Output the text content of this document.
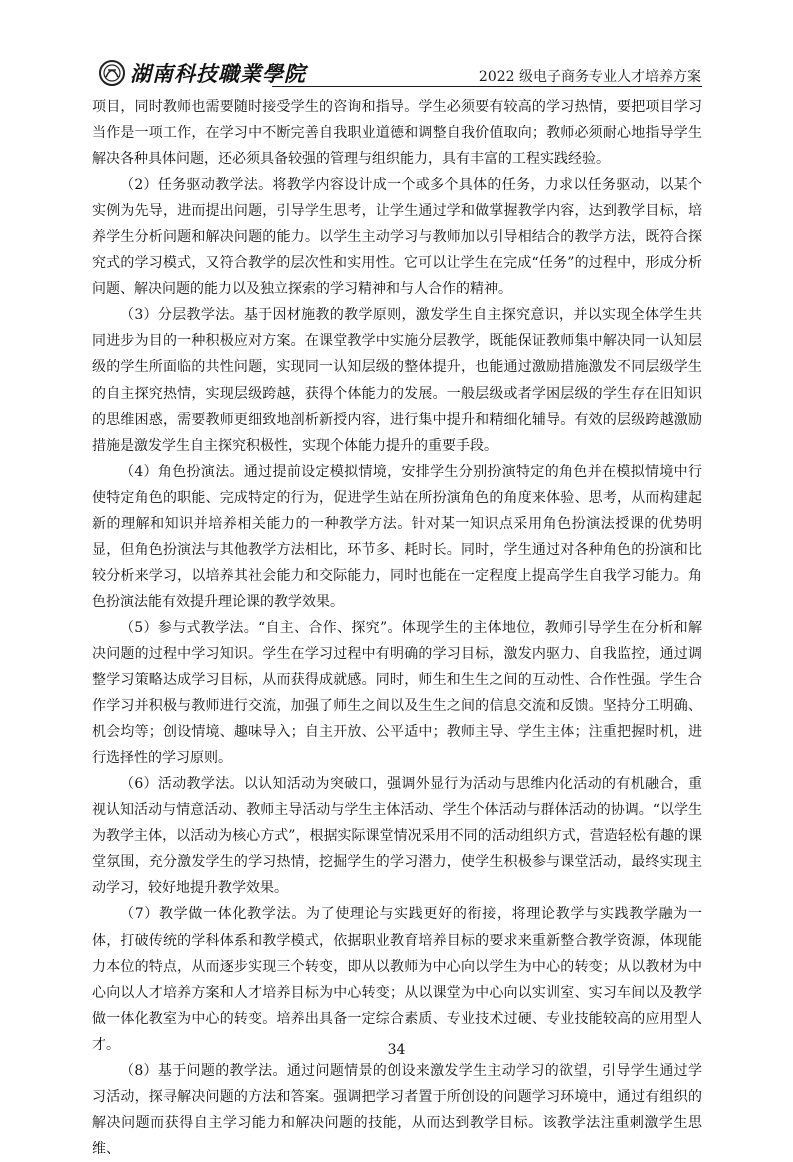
湖南科技職業學院	2022 级电子商务专业人才培养方案

项目，同时教师也需要随时接受学生的咨询和指导。学生必须要有较高的学习热情，要把项目学习当作是一项工作，在学习中不断完善自我职业道德和调整自我价值取向；教师必须耐心地指导学生解决各种具体问题，还必须具备较强的管理与组织能力，具有丰富的工程实践经验。

（2）任务驱动教学法。将教学内容设计成一个或多个具体的任务，力求以任务驱动，以某个实例为先导，进而提出问题，引导学生思考，让学生通过学和做掌握教学内容，达到教学目标，培养学生分析问题和解决问题的能力。以学生主动学习与教师加以引导相结合的教学方法，既符合探究式的学习模式，又符合教学的层次性和实用性。它可以让学生在完成“任务”的过程中，形成分析问题、解决问题的能力以及独立探索的学习精神和与人合作的精神。

（3）分层教学法。基于因材施教的教学原则，激发学生自主探究意识，并以实现全体学生共同进步为目的一种积极应对方案。在课堂教学中实施分层教学，既能保证教师集中解决同一认知层级的学生所面临的共性问题，实现同一认知层级的整体提升，也能通过激励措施激发不同层级学生的自主探究热情，实现层级跨越，获得个体能力的发展。一般层级或者学困层级的学生存在旧知识的思维困惑，需要教师更细致地剖析新授内容，进行集中提升和精细化辅导。有效的层级跨越激励措施是激发学生自主探究积极性，实现个体能力提升的重要手段。

（4）角色扮演法。通过提前设定模拟情境，安排学生分别扮演特定的角色并在模拟情境中行使特定角色的职能、完成特定的行为，促进学生站在所扮演角色的角度来体验、思考，从而构建起新的理解和知识并培养相关能力的一种教学方法。针对某一知识点采用角色扮演法授课的优势明显，但角色扮演法与其他教学方法相比，环节多、耗时长。同时，学生通过对各种角色的扮演和比较分析来学习，以培养其社会能力和交际能力，同时也能在一定程度上提高学生自我学习能力。角色扮演法能有效提升理论课的教学效果。

（5）参与式教学法。“自主、合作、探究”。体现学生的主体地位，教师引导学生在分析和解决问题的过程中学习知识。学生在学习过程中有明确的学习目标，激发内驱力、自我监控，通过调整学习策略达成学习目标，从而获得成就感。同时，师生和生生之间的互动性、合作性强。学生合作学习并积极与教师进行交流，加强了师生之间以及生生之间的信息交流和反馈。坚持分工明确、机会均等；创设情境、趣味导入；自主开放、公平适中；教师主导、学生主体；注重把握时机，进行选择性的学习原则。

（6）活动教学法。以认知活动为突破口，强调外显行为活动与思维内化活动的有机融合，重视认知活动与情意活动、教师主导活动与学生主体活动、学生个体活动与群体活动的协调。“以学生为教学主体，以活动为核心方式”，根据实际课堂情况采用不同的活动组织方式，营造轻松有趣的课堂氛围，充分激发学生的学习热情，挖掘学生的学习潜力，使学生积极参与课堂活动，最终实现主动学习，较好地提升教学效果。

（7）教学做一体化教学法。为了使理论与实践更好的衔接，将理论教学与实践教学融为一体，打破传统的学科体系和教学模式，依据职业教育培养目标的要求来重新整合教学资源，体现能力本位的特点，从而逐步实现三个转变，即从以教师为中心向以学生为中心的转变；从以教材为中心向以人才培养方案和人才培养目标为中心转变；从以课堂为中心向以实训室、实习车间以及教学做一体化教室为中心的转变。培养出具备一定综合素质、专业技术过硬、专业技能较高的应用型人才。

（8）基于问题的教学法。通过问题情景的创设来激发学生主动学习的欲望，引导学生通过学习活动，探寻解决问题的方法和答案。强调把学习者置于所创设的问题学习环境中，通过有组织的解决问题而获得自主学习能力和解决问题的技能，从而达到教学目标。该教学法注重刺激学生思维、

34
